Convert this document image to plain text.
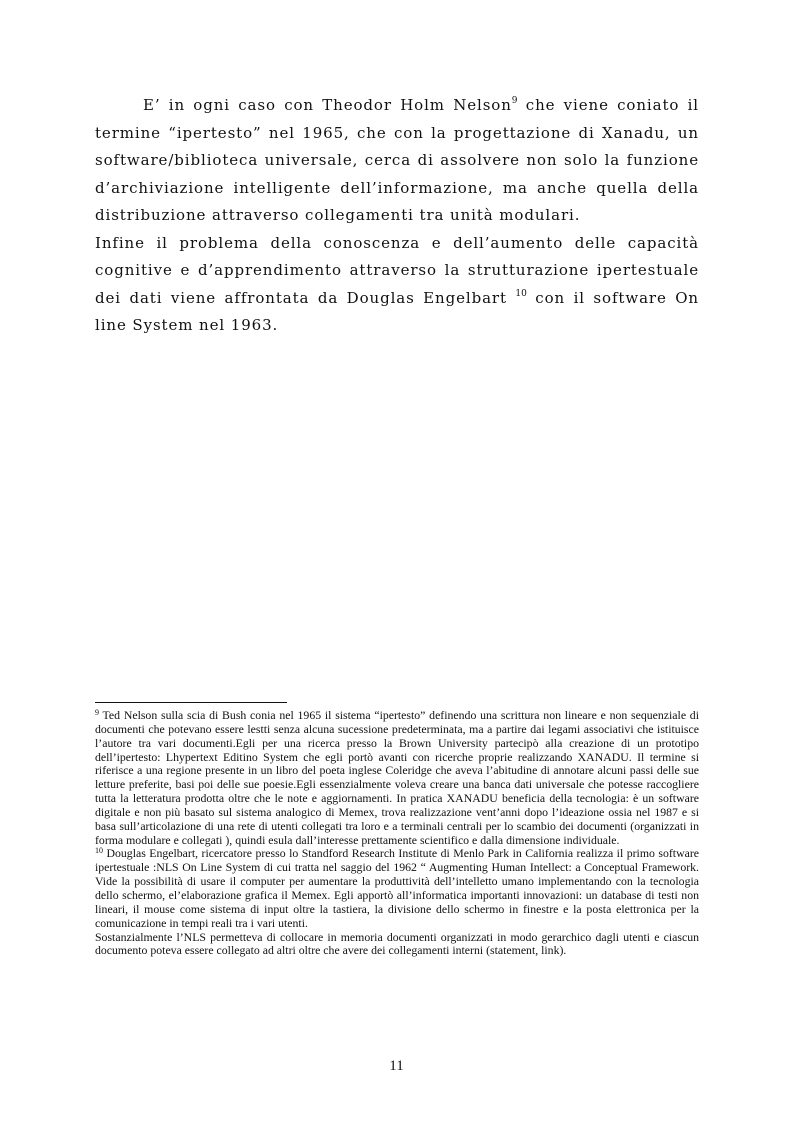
E’ in ogni caso con Theodor Holm Nelson$^9$ che viene coniato il termine “ipertesto” nel 1965, che con la progettazione di Xanadu, un software/biblioteca universale, cerca di assolvere non solo la funzione d’archiviazione intelligente dell’informazione, ma anche quella della distribuzione attraverso collegamenti tra unità modulari.

Infine il problema della conoscenza e dell’aumento delle capacità cognitive e d’apprendimento attraverso la strutturazione ipertestuale dei dati viene affrontata da Douglas Engelbart $^{10}$ con il software On line System nel 1963.

$^9$ Ted Nelson sulla scia di Bush conia nel 1965 il sistema “ipertesto” definendo una scrittura non lineare e non sequenziale di documenti che potevano essere lestti senza alcuna sucessione predeterminata, ma a partire dai legami associativi che istituisce l’autore tra vari documenti.Egli per una ricerca presso la Brown University partecipò alla creazione di un prototipo dell’ipertesto: Lhypertext Editino System che egli portò avanti con ricerche proprie realizzando XANADU. Il termine si riferisce a una regione presente in un libro del poeta inglese Coleridge che aveva l’abitudine di annotare alcuni passi delle sue letture preferite, basi poi delle sue poesie.Egli essenzialmente voleva creare una banca dati universale che potesse raccogliere tutta la letteratura prodotta oltre che le note e aggiornamenti. In pratica XANADU beneficia della tecnologia: è un software digitale e non più basato sul sistema analogico di Memex, trova realizzazione vent’anni dopo l’ideazione ossia nel 1987 e si basa sull’articolazione di una rete di utenti collegati tra loro e a terminali centrali per lo scambio dei documenti (organizzati in forma modulare e collegati ), quindi esula dall’interesse prettamente scientifico e dalla dimensione individuale.

$^{10}$ Douglas Engelbart, ricercatore presso lo Standford Research Institute di Menlo Park in California realizza il primo software ipertestuale :NLS On Line System di cui tratta nel saggio del 1962 “ Augmenting Human Intellect: a Conceptual Framework. Vide la possibilità di usare il computer per aumentare la produttività dell’intelletto umano implementando con la tecnologia dello schermo, el’elaborazione grafica il Memex. Egli apportò all’informatica importanti innovazioni: un database di testi non lineari, il mouse come sistema di input oltre la tastiera, la divisione dello schermo in finestre e la posta elettronica per la comunicazione in tempi reali tra i vari utenti.

Sostanzialmente l’NLS permetteva di collocare in memoria documenti organizzati in modo gerarchico dagli utenti e ciascun documento poteva essere collegato ad altri oltre che avere dei collegamenti interni (statement, link).

11
